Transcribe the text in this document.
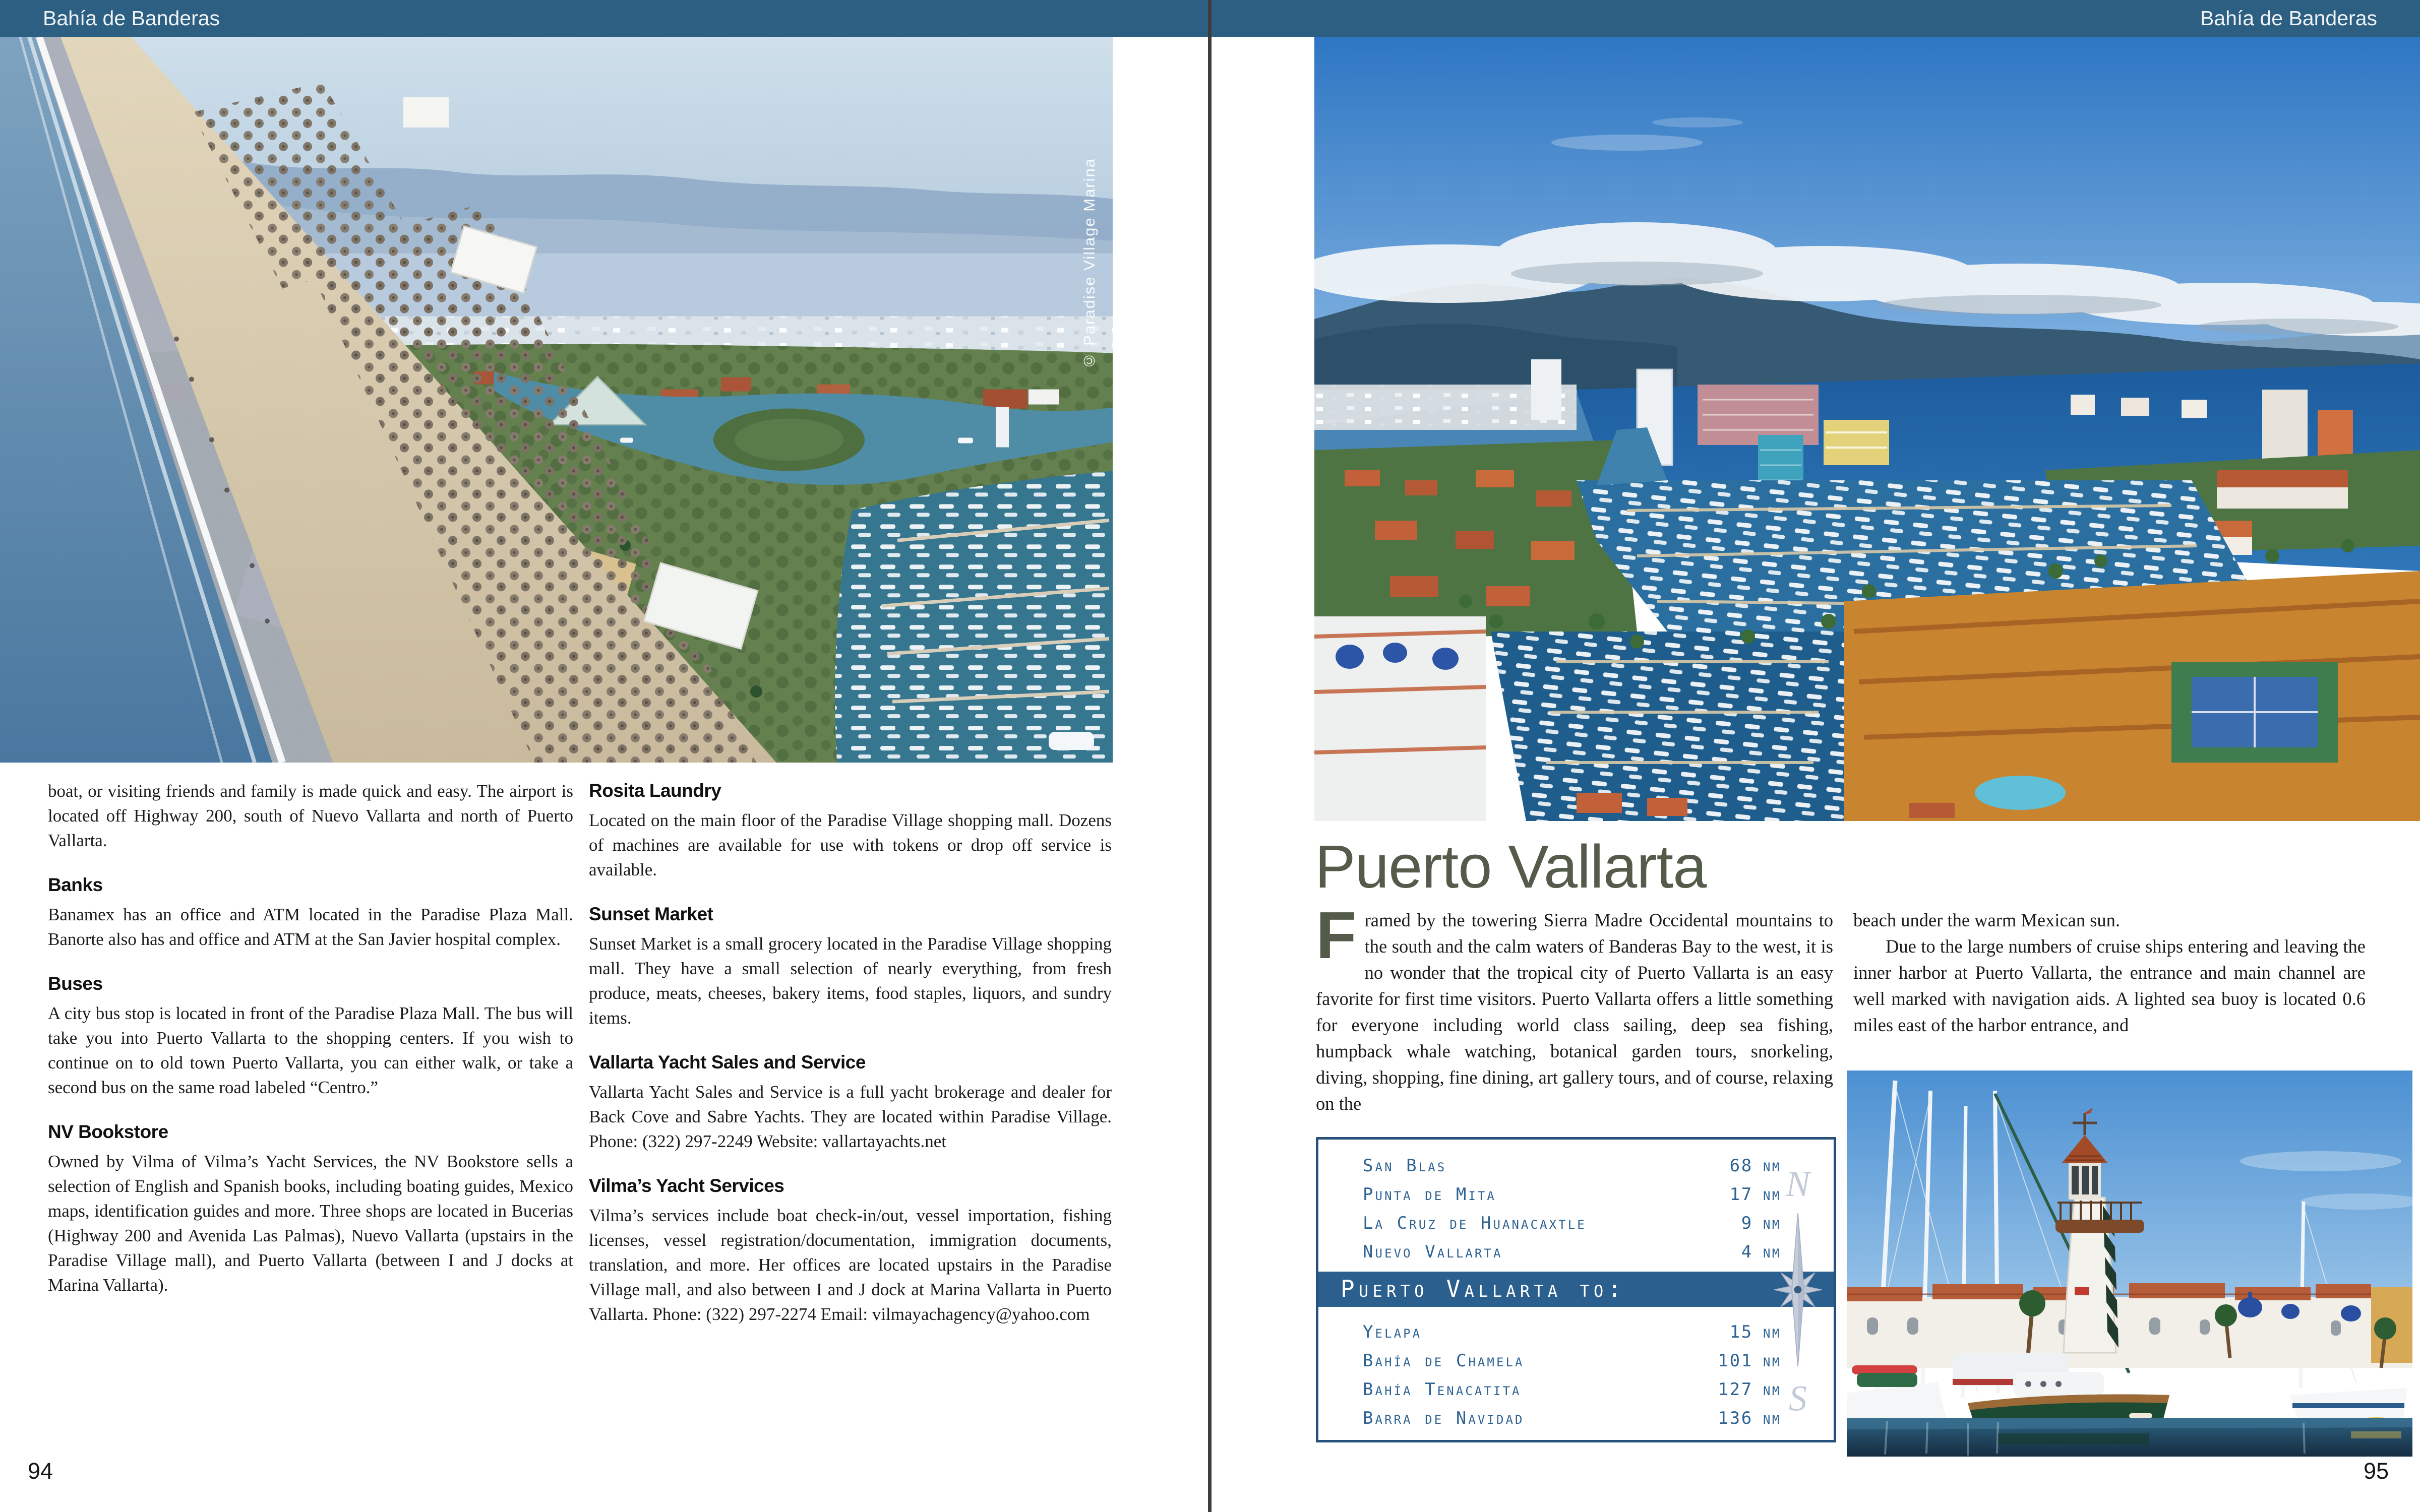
Bahía de Banderas	Bahía de Banderas
© Paradise Village Marina

boat, or visiting friends and family is made quick and easy. The airport is located off Highway 200, south of Nuevo Vallarta and north of Puerto Vallarta.

Banks

Banamex has an office and ATM located in the Paradise Plaza Mall. Banorte also has and office and ATM at the San Javier hospital complex.

Buses

A city bus stop is located in front of the Paradise Plaza Mall. The bus will take you into Puerto Vallarta to the shopping centers. If you wish to continue on to old town Puerto Vallarta, you can either walk, or take a second bus on the same road labeled “Centro.”

NV Bookstore

Owned by Vilma of Vilma’s Yacht Services, the NV Bookstore sells a selection of English and Spanish books, including boating guides, Mexico maps, identification guides and more. Three shops are located in Bucerias (Highway 200 and Avenida Las Palmas), Nuevo Vallarta (upstairs in the Paradise Village mall), and Puerto Vallarta (between I and J docks at Marina Vallarta).

Rosita Laundry

Located on the main floor of the Paradise Village shopping mall. Dozens of machines are available for use with tokens or drop off service is available.

Sunset Market

Sunset Market is a small grocery located in the Paradise Village shopping mall. They have a small selection of nearly everything, from fresh produce, meats, cheeses, bakery items, food staples, liquors, and sundry items.

Vallarta Yacht Sales and Service

Vallarta Yacht Sales and Service is a full yacht brokerage and dealer for Back Cove and Sabre Yachts. They are located within Paradise Village. Phone: (322) 297-2249 Website: vallartayachts.net

Vilma’s Yacht Services

Vilma’s services include boat check-in/out, vessel importation, fishing licenses, vessel registration/documentation, immigration documents, translation, and more. Her offices are located upstairs in the Paradise Village mall, and also between I and J dock at Marina Vallarta in Puerto Vallarta. Phone: (322) 297-2274 Email: vilmayachagency@yahoo.com

94
Puerto Vallarta

Framed by the towering Sierra Madre Occidental mountains to the south and the calm waters of Banderas Bay to the west, it is no wonder that the tropical city of Puerto Vallarta is an easy favorite for first time visitors. Puerto Vallarta offers a little something for everyone including world class sailing, deep sea fishing, humpback whale watching, botanical garden tours, snorkeling, diving, shopping, fine dining, art gallery tours, and of course, relaxing on the

beach under the warm Mexican sun.

Due to the large numbers of cruise ships entering and leaving the inner harbor at Puerto Vallarta, the entrance and main channel are well marked with navigation aids. A lighted sea buoy is located 0.6 miles east of the harbor entrance, and

San Blas	68 nm
Punta de Mita	17 nm
La Cruz de Huanacaxtle	9 nm
Nuevo Vallarta	4 nm
Puerto Vallarta to:
Yelapa	15 nm
Bahía de Chamela	101 nm
Bahía Tenacatita	127 nm
Barra de Navidad	136 nm
N
S
95
